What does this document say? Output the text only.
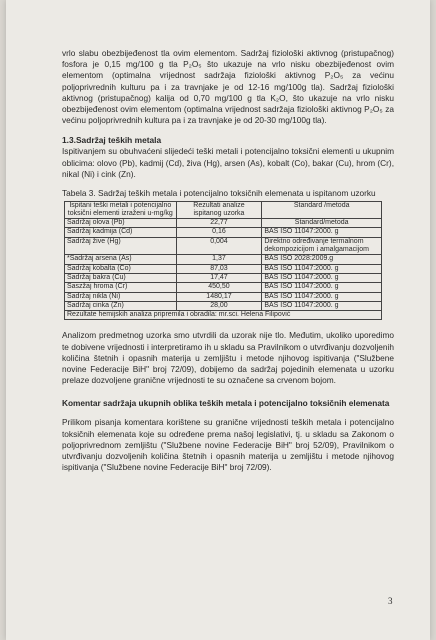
vrlo slabu obezbijeđenost tla ovim elementom. Sadržaj fiziološki aktivnog (pristupačnog) fosfora je 0,15 mg/100 g tla P₂O₅ što ukazuje na vrlo nisku obezbijeđenost ovim elementom (optimalna vrijednost sadržaja fiziološki aktivnog P₂O₅ za većinu poljoprivrednih kulturu pa i za travnjake je od 12-16 mg/100g tla). Sadržaj fiziološki aktivnog (pristupačnog) kalija od 0,70 mg/100 g tla K₂O, što ukazuje na vrlo nisku obezbijeđenost ovim elementom (optimalna vrijednost sadržaja fiziološki aktivnog P₂O₅ za većinu poljoprivrednih kultura pa i za travnjake je od 20-30 mg/100g tla).

1.3.Sadržaj teških metala

Ispitivanjem su obuhvaćeni slijedeći teški metali i potencijalno toksični elementi u ukupnim oblicima: olovo (Pb), kadmij (Cd), živa (Hg), arsen (As), kobalt (Co), bakar (Cu), hrom (Cr), nikal (Ni) i cink (Zn).

Tabela 3. Sadržaj teških metala i potencijalno toksičnih elemenata u ispitanom uzorku

Ispitani teški metali i potencijalno toksični elementi izraženi u-mg/kg	Rezultati analize ispitanog uzorka	Standard /metoda
Sadržaj olova (Pb)	22,77	Standard/metoda
Sadržaj kadmija (Cd)	0,16	BAS ISO 11047:2000. g
Sadržaj žive (Hg)	0,004	Direktno određivanje termalnom dekompozicijom i amalgamacijom
*Sadržaj arsena (As)	1,37	BAS ISO 2028:2009.g
Sadržaj kobalta (Co)	87,03	BAS ISO 11047:2000. g
Sadržaj bakra (Cu)	17,47	BAS ISO 11047:2000. g
Saszžaj hroma (Cr)	450,50	BAS ISO 11047:2000. g
Sadržaj nikla (Ni)	1480,17	BAS ISO 11047:2000. g
Sadržaj cinka (Zn)	28,00	BAS ISO 11047:2000. g
Rezultate hemijskih analiza pripremila i obradila: mr.sci. Helena Filipović		

Analizom predmetnog uzorka smo utvrdili da uzorak nije tlo. Međutim, ukoliko uporedimo te dobivene vrijednosti i interpretiramo ih u skladu sa Pravilnikom o utvrđivanju dozvoljenih količina štetnih i opasnih materija u zemljištu i metode njihovog ispitivanja ("Službene novine Federacije BiH" broj 72/09), dobijemo da sadržaj pojedinih elemenata u uzorku prelaze dozvoljene granične vrijednosti te su označene sa crvenom bojom.

Komentar sadržaja ukupnih oblika teških metala i potencijalno toksičnih elemenata

Prilikom pisanja komentara korištene su granične vrijednosti teških metala i potencijalno toksičnih elemenata koje su određene prema našoj legislativi, tj. u skladu sa Zakonom o poljoprivrednom zemljištu ("Službene novine Federacije BiH" broj 52/09), Pravilnikom o utvrđivanju dozvoljenih količina štetnih i opasnih materija u zemljištu i metode njihovog ispitivanja ("Službene novine Federacije BiH" broj 72/09).

3
